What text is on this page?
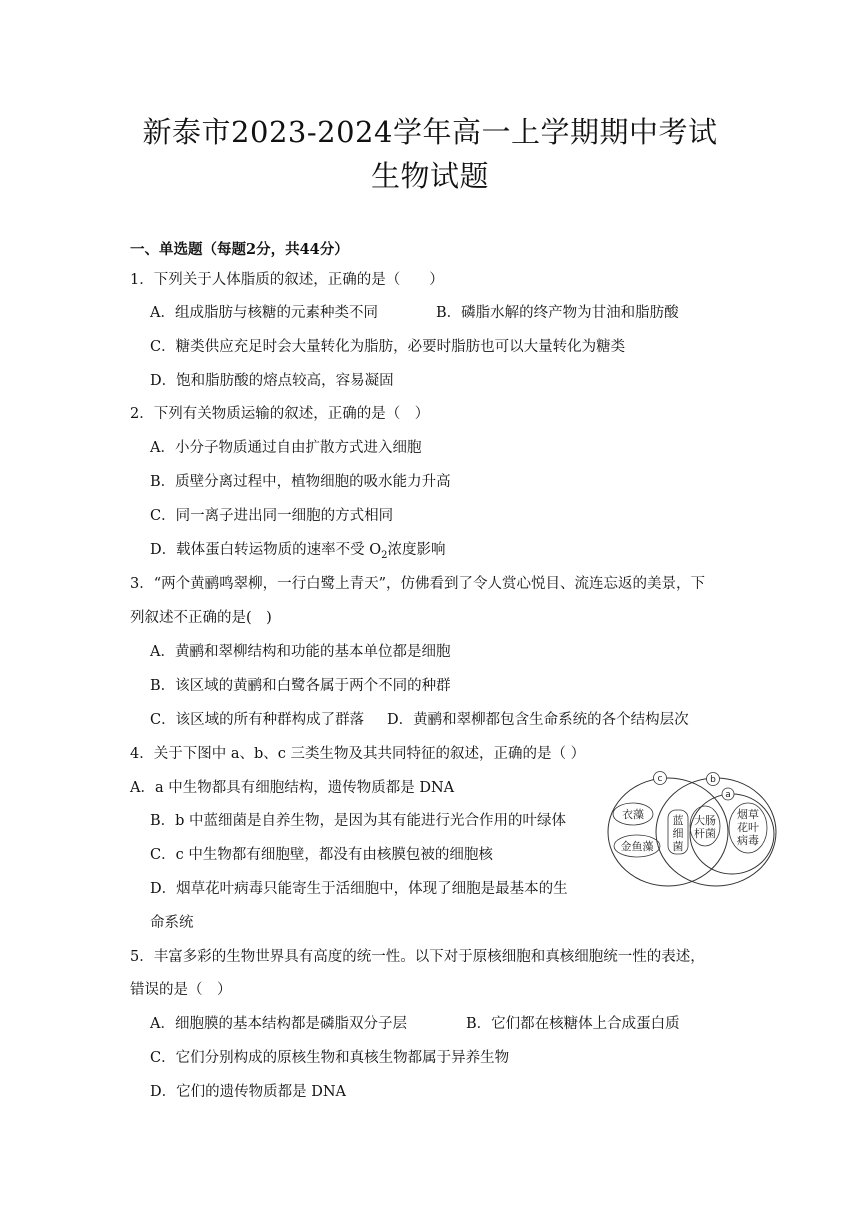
新泰市2023-2024学年高一上学期期中考试
生物试题
一、单选题（每题2分，共44分）
1．下列关于人体脂质的叙述，正确的是（　　）
A．组成脂肪与核糖的元素种类不同	B．磷脂水解的终产物为甘油和脂肪酸
C．糖类供应充足时会大量转化为脂肪，必要时脂肪也可以大量转化为糖类
D．饱和脂肪酸的熔点较高，容易凝固
2．下列有关物质运输的叙述，正确的是（　）
A．小分子物质通过自由扩散方式进入细胞
B．质壁分离过程中，植物细胞的吸水能力升高
C．同一离子进出同一细胞的方式相同
D．载体蛋白转运物质的速率不受 $O_2$浓度影响
3．“两个黄鹂鸣翠柳，一行白鹭上青天”，仿佛看到了令人赏心悦目、流连忘返的美景，下
列叙述不正确的是(　)
A．黄鹂和翠柳结构和功能的基本单位都是细胞
B．该区域的黄鹂和白鹭各属于两个不同的种群
C．该区域的所有种群构成了群落 D．黄鹂和翠柳都包含生命系统的各个结构层次
4．关于下图中 a、b、c 三类生物及其共同特征的叙述，正确的是（ ）
A．a 中生物都具有细胞结构，遗传物质都是 DNA
B．b 中蓝细菌是自养生物，是因为其有能进行光合作用的叶绿体
C．c 中生物都有细胞壁，都没有由核膜包被的细胞核
D．烟草花叶病毒只能寄生于活细胞中，体现了细胞是最基本的生
命系统
c	b
a
衣藻
金鱼藻
蓝
细
菌
大肠
杆菌
烟草
花叶
病毒
5．丰富多彩的生物世界具有高度的统一性。以下对于原核细胞和真核细胞统一性的表述，
错误的是（　）
A．细胞膜的基本结构都是磷脂双分子层	B．它们都在核糖体上合成蛋白质
C．它们分别构成的原核生物和真核生物都属于异养生物
D．它们的遗传物质都是 DNA
